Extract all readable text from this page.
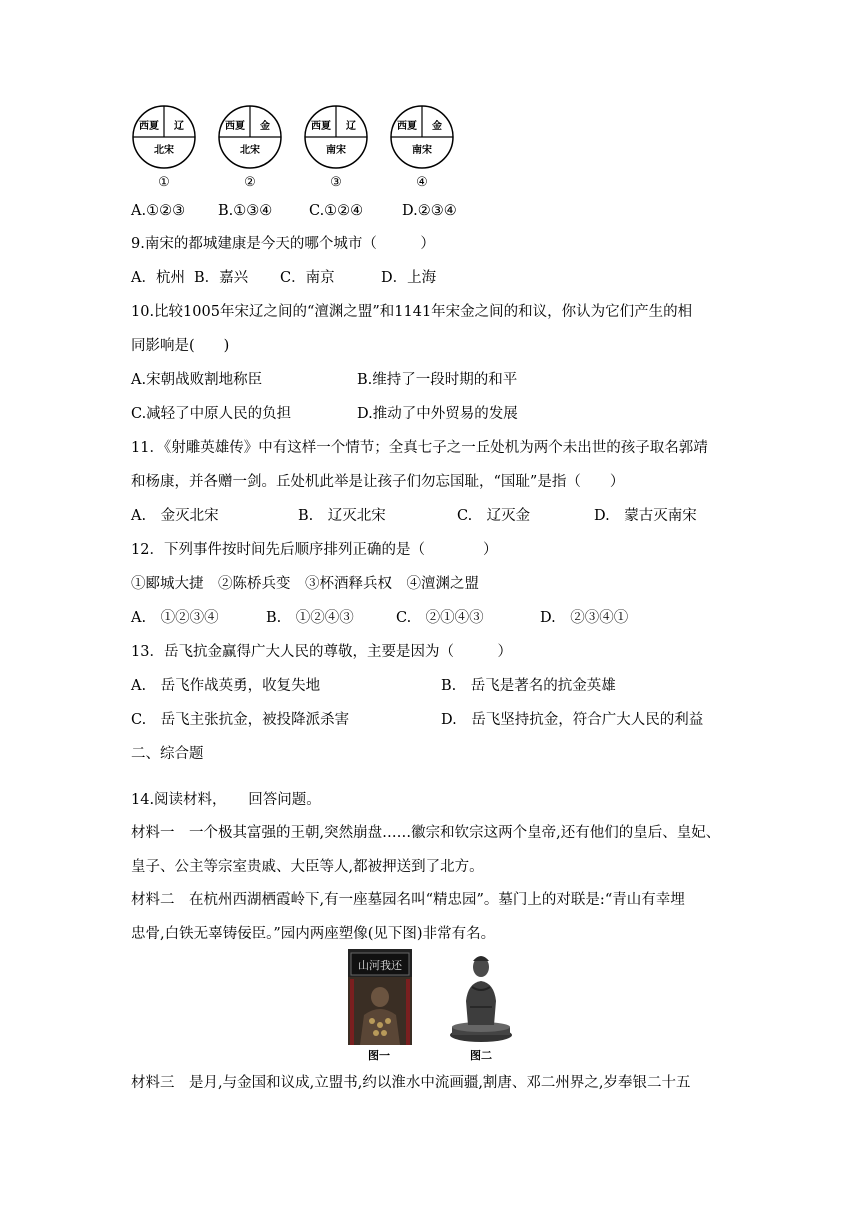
西夏 辽
北宋
西夏 金
北宋
西夏 辽
南宋
西夏 金
南宋
①	②	③	④
A.①②③ B.①③④	C.①②④	D.②③④
9.南宋的都城建康是今天的哪个城市（　　　）
A．杭州 B．嘉兴 C．南京	D．上海
10.比较1005年宋辽之间的“澶渊之盟”和1141年宋金之间的和议，你认为它们产生的相
同影响是(　　)
A.宋朝战败割地称臣	B.维持了一段时期的和平
C.减轻了中原人民的负担	D.推动了中外贸易的发展
11．《射雕英雄传》中有这样一个情节；全真七子之一丘处机为两个未出世的孩子取名郭靖
和杨康，并各赠一剑。丘处机此举是让孩子们勿忘国耻，“国耻”是指（　　）
A.　金灭北宋	B.　辽灭北宋	C.　辽灭金	D.　蒙古灭南宋
12．下列事件按时间先后顺序排列正确的是（　　　　）
①郾城大捷　②陈桥兵变　③杯酒释兵权　④澶渊之盟
A.　①②③④	B.　①②④③	C.　②①④③	D.　②③④①
13．岳飞抗金赢得广大人民的尊敬，主要是因为（　　　）
A.　岳飞作战英勇，收复失地	B.　岳飞是著名的抗金英雄
C.　岳飞主张抗金，被投降派杀害	D.　岳飞坚持抗金，符合广大人民的利益
二、综合题
14.阅读材料，　　回答问题。
材料一　一个极其富强的王朝,突然崩盘……徽宗和钦宗这两个皇帝,还有他们的皇后、皇妃、
皇子、公主等宗室贵戚、大臣等人,都被押送到了北方。
材料二　在杭州西湖栖霞岭下,有一座墓园名叫“精忠园”。墓门上的对联是:“青山有幸埋
忠骨,白铁无辜铸佞臣。”园内两座塑像(见下图)非常有名。
山河我还
图一	图二
材料三　是月,与金国和议成,立盟书,约以淮水中流画疆,割唐、邓二州界之,岁奉银二十五
